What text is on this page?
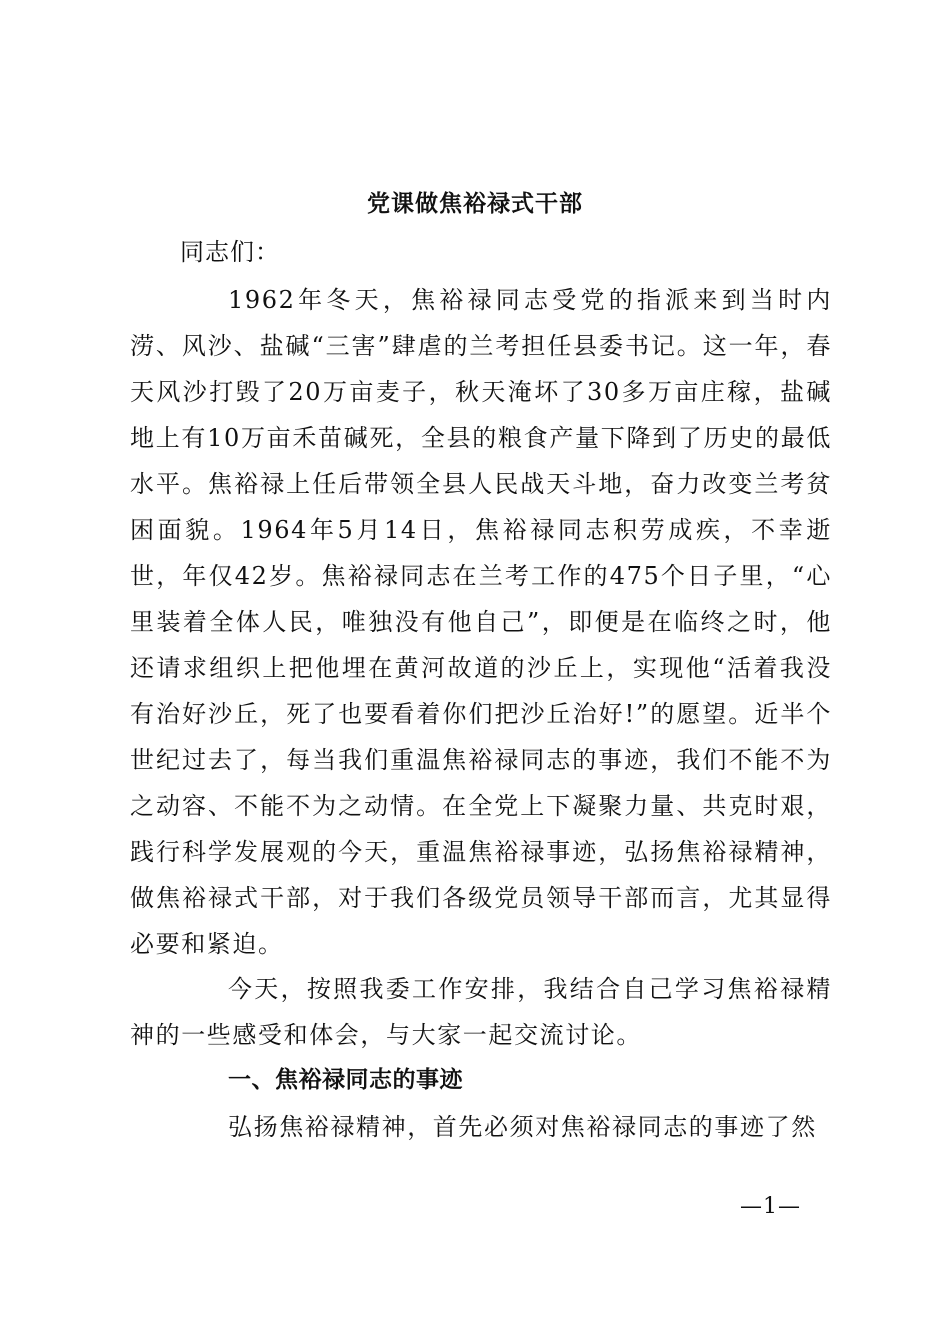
党课做焦裕禄式干部
同志们：

1962年冬天，焦裕禄同志受党的指派来到当时内涝、风沙、盐碱“三害”肆虐的兰考担任县委书记。这一年，春天风沙打毁了20万亩麦子，秋天淹坏了30多万亩庄稼，盐碱地上有10万亩禾苗碱死，全县的粮食产量下降到了历史的最低水平。焦裕禄上任后带领全县人民战天斗地，奋力改变兰考贫困面貌。1964年5月14日，焦裕禄同志积劳成疾，不幸逝世，年仅42岁。焦裕禄同志在兰考工作的475个日子里，“心里装着全体人民，唯独没有他自己”，即便是在临终之时，他还请求组织上把他埋在黄河故道的沙丘上，实现他“活着我没有治好沙丘，死了也要看着你们把沙丘治好!”的愿望。近半个世纪过去了，每当我们重温焦裕禄同志的事迹，我们不能不为之动容、不能不为之动情。在全党上下凝聚力量、共克时艰，践行科学发展观的今天，重温焦裕禄事迹，弘扬焦裕禄精神，做焦裕禄式干部，对于我们各级党员领导干部而言，尤其显得必要和紧迫。

今天，按照我委工作安排，我结合自己学习焦裕禄精神的一些感受和体会，与大家一起交流讨论。

一、焦裕禄同志的事迹

弘扬焦裕禄精神，首先必须对焦裕禄同志的事迹了然

—1—
